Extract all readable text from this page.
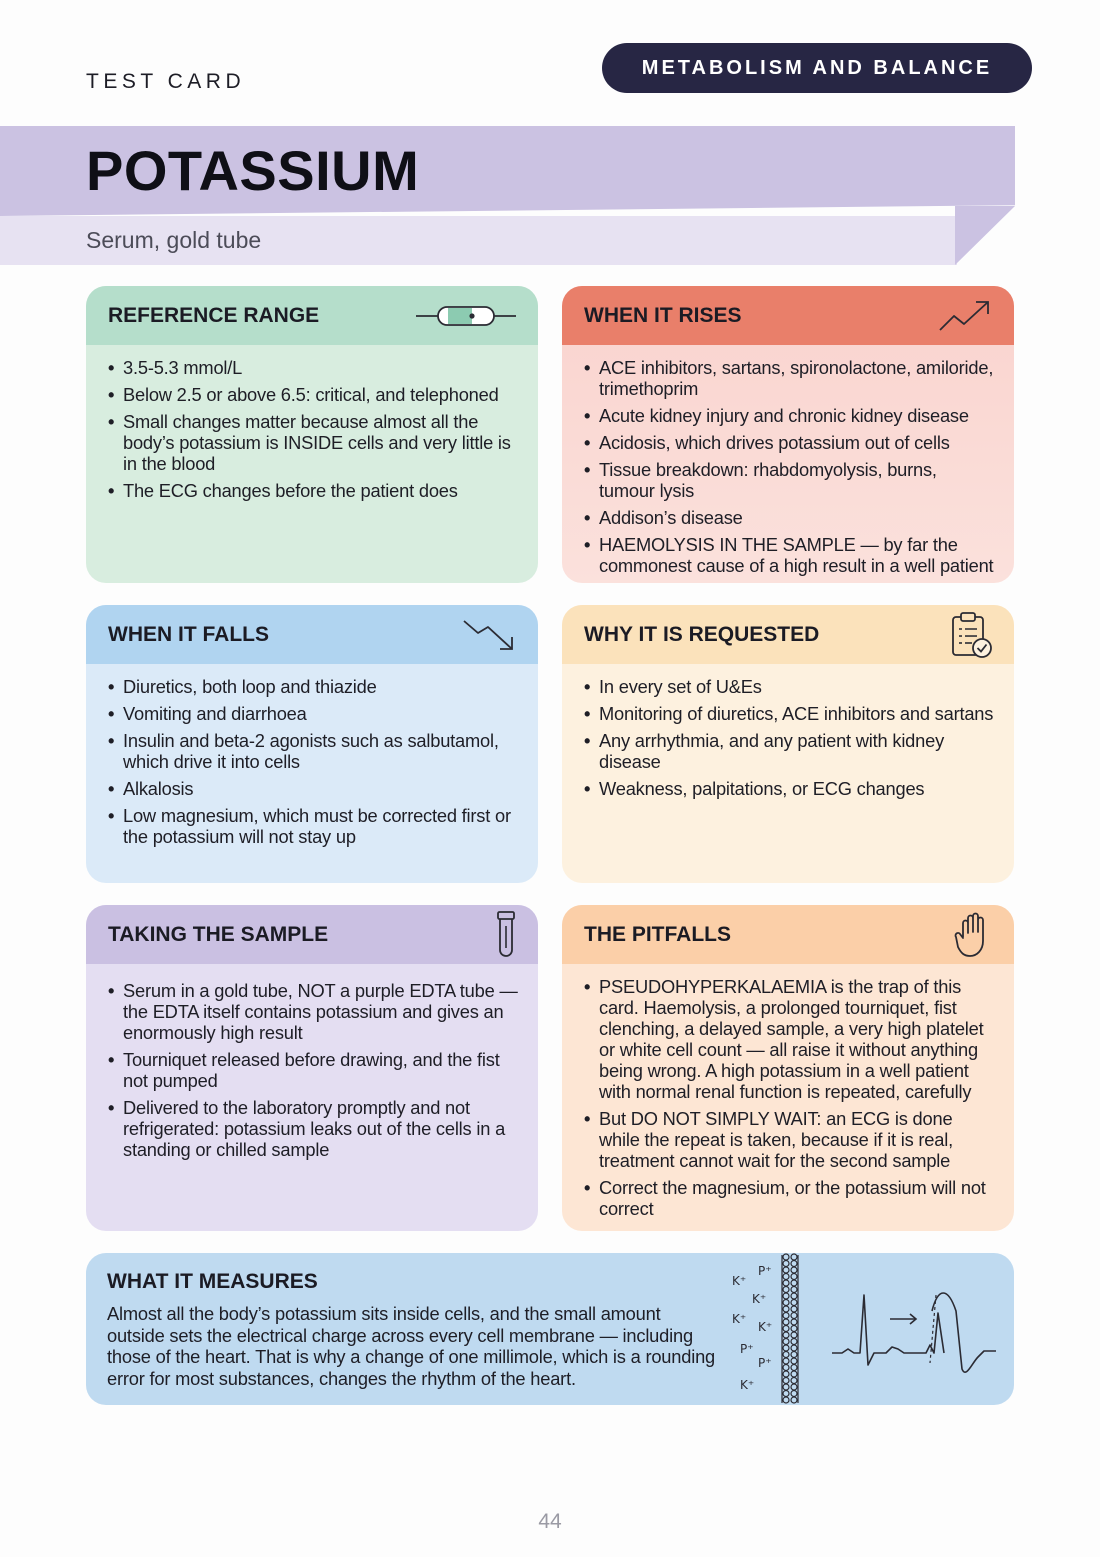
TEST CARD
METABOLISM AND BALANCE
POTASSIUM
Serum, gold tube
REFERENCE RANGE
• 3.5-5.3 mmol/L
• Below 2.5 or above 6.5: critical, and telephoned
• Small changes matter because almost all the body’s potassium is INSIDE cells and very little is in the blood
• The ECG changes before the patient does
WHEN IT RISES
• ACE inhibitors, sartans, spironolactone, amiloride, trimethoprim
• Acute kidney injury and chronic kidney disease
• Acidosis, which drives potassium out of cells
• Tissue breakdown: rhabdomyolysis, burns, tumour lysis
• Addison’s disease
• HAEMOLYSIS IN THE SAMPLE — by far the commonest cause of a high result in a well patient
WHEN IT FALLS
• Diuretics, both loop and thiazide
• Vomiting and diarrhoea
• Insulin and beta-2 agonists such as salbutamol, which drive it into cells
• Alkalosis
• Low magnesium, which must be corrected first or the potassium will not stay up
WHY IT IS REQUESTED
• In every set of U&Es
• Monitoring of diuretics, ACE inhibitors and sartans
• Any arrhythmia, and any patient with kidney disease
• Weakness, palpitations, or ECG changes
TAKING THE SAMPLE
• Serum in a gold tube, NOT a purple EDTA tube — the EDTA itself contains potassium and gives an enormously high result
• Tourniquet released before drawing, and the fist not pumped
• Delivered to the laboratory promptly and not refrigerated: potassium leaks out of the cells in a standing or chilled sample
THE PITFALLS
• PSEUDOHYPERKALAEMIA is the trap of this card. Haemolysis, a prolonged tourniquet, fist clenching, a delayed sample, a very high platelet or white cell count — all raise it without anything being wrong. A high potassium in a well patient with normal renal function is repeated, carefully
• But DO NOT SIMPLY WAIT: an ECG is done while the repeat is taken, because if it is real, treatment cannot wait for the second sample
• Correct the magnesium, or the potassium will not correct
WHAT IT MEASURES
Almost all the body’s potassium sits inside cells, and the small amount outside sets the electrical charge across every cell membrane — including those of the heart. That is why a change of one millimole, which is a rounding error for most substances, changes the rhythm of the heart.
K⁺
P⁺
K⁺
K⁺
K⁺
P⁺
P⁺
K⁺
44
